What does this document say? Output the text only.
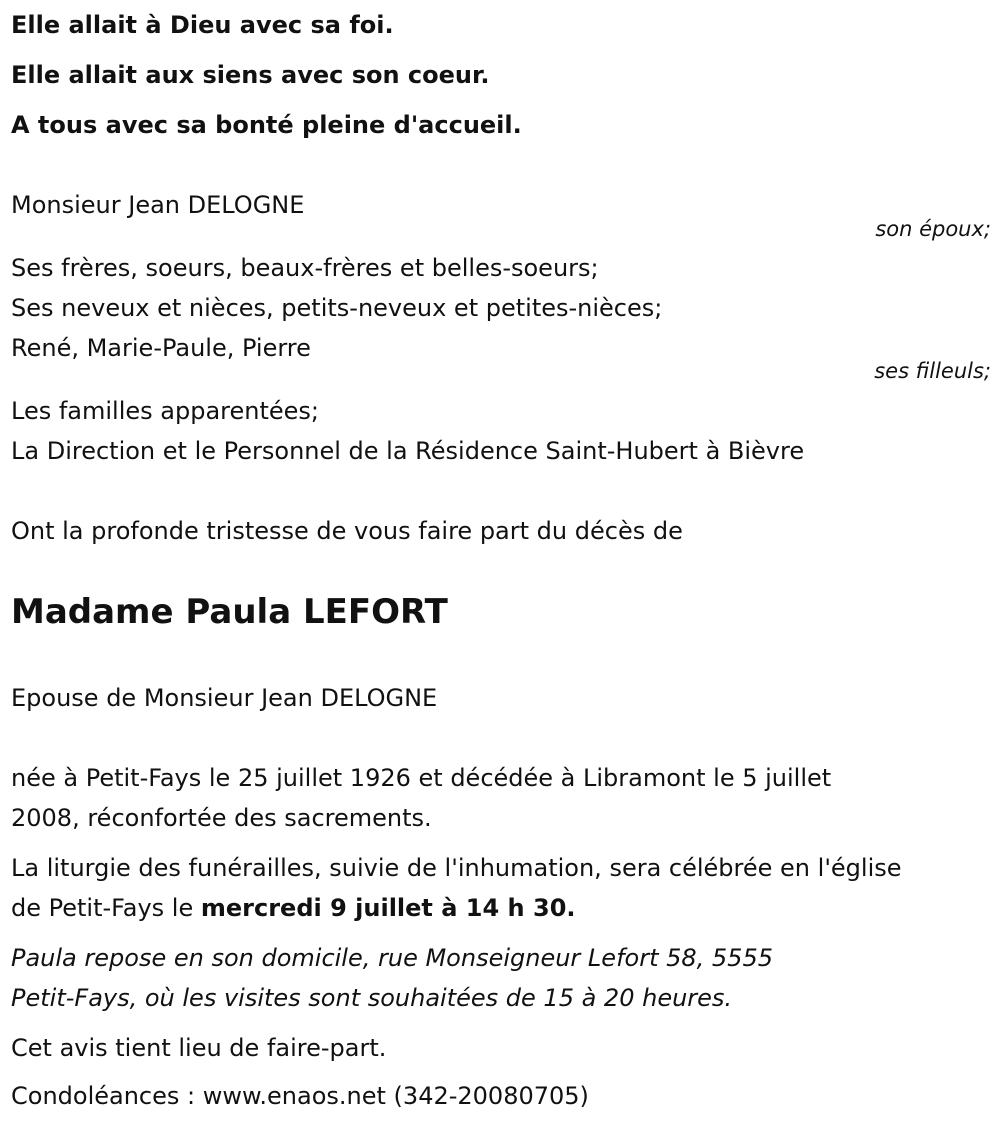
Elle allait à Dieu avec sa foi.
Elle allait aux siens avec son coeur.
A tous avec sa bonté pleine d'accueil.
Monsieur Jean DELOGNE
son époux;
Ses frères, soeurs, beaux-frères et belles-soeurs;
Ses neveux et nièces, petits-neveux et petites-nièces;
René, Marie-Paule, Pierre
ses filleuls;
Les familles apparentées;
La Direction et le Personnel de la Résidence Saint-Hubert à Bièvre
Ont la profonde tristesse de vous faire part du décès de
Madame Paula LEFORT
Epouse de Monsieur Jean DELOGNE
née à Petit-Fays le 25 juillet 1926 et décédée à Libramont le 5 juillet
2008, réconfortée des sacrements.
La liturgie des funérailles, suivie de l'inhumation, sera célébrée en l'église
de Petit-Fays le mercredi 9 juillet à 14 h 30.
Paula repose en son domicile, rue Monseigneur Lefort 58, 5555
Petit-Fays, où les visites sont souhaitées de 15 à 20 heures.
Cet avis tient lieu de faire-part.
Condoléances : www.enaos.net (342-20080705)
